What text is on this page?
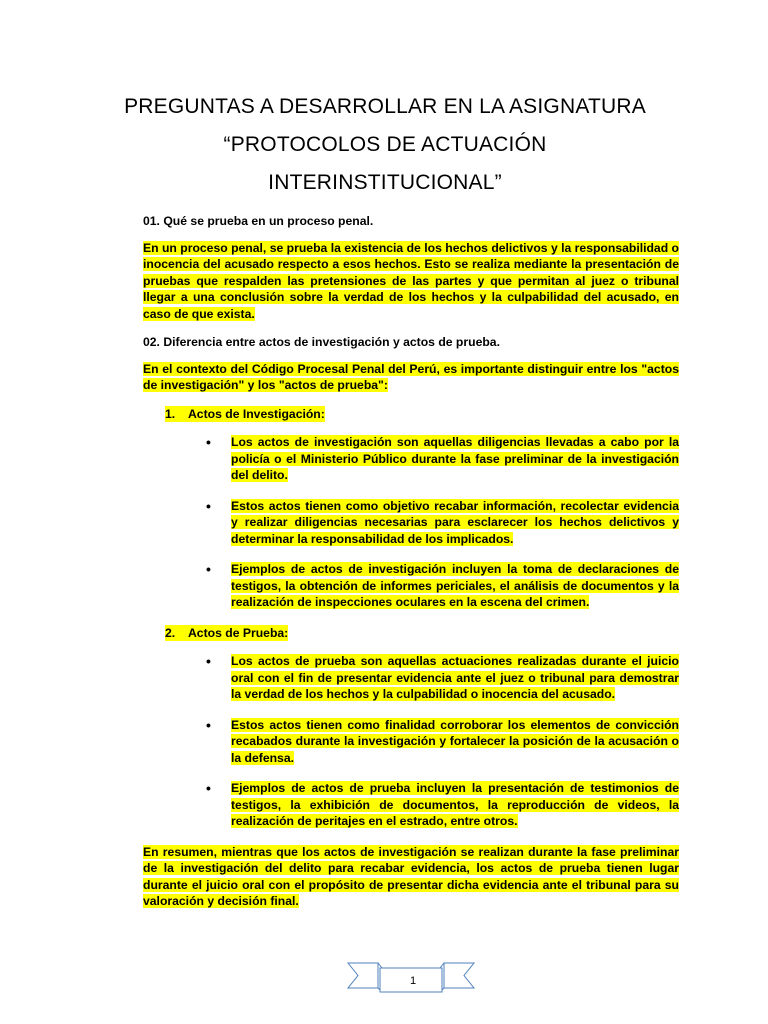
PREGUNTAS A DESARROLLAR EN LA ASIGNATURA
“PROTOCOLOS DE ACTUACIÓN
INTERINSTITUCIONAL”

01. Qué se prueba en un proceso penal.

En un proceso penal, se prueba la existencia de los hechos delictivos y la responsabilidad o inocencia del acusado respecto a esos hechos. Esto se realiza mediante la presentación de pruebas que respalden las pretensiones de las partes y que permitan al juez o tribunal llegar a una conclusión sobre la verdad de los hechos y la culpabilidad del acusado, en caso de que exista.

02. Diferencia entre actos de investigación y actos de prueba.

En el contexto del Código Procesal Penal del Perú, es importante distinguir entre los "actos de investigación" y los "actos de prueba":

1.	Actos de Investigación:
•	Los actos de investigación son aquellas diligencias llevadas a cabo por la policía o el Ministerio Público durante la fase preliminar de la investigación del delito.
•	Estos actos tienen como objetivo recabar información, recolectar evidencia y realizar diligencias necesarias para esclarecer los hechos delictivos y determinar la responsabilidad de los implicados.
•	Ejemplos de actos de investigación incluyen la toma de declaraciones de testigos, la obtención de informes periciales, el análisis de documentos y la realización de inspecciones oculares en la escena del crimen.
2.	Actos de Prueba:
•	Los actos de prueba son aquellas actuaciones realizadas durante el juicio oral con el fin de presentar evidencia ante el juez o tribunal para demostrar la verdad de los hechos y la culpabilidad o inocencia del acusado.
•	Estos actos tienen como finalidad corroborar los elementos de convicción recabados durante la investigación y fortalecer la posición de la acusación o la defensa.
•	Ejemplos de actos de prueba incluyen la presentación de testimonios de testigos, la exhibición de documentos, la reproducción de videos, la realización de peritajes en el estrado, entre otros.

En resumen, mientras que los actos de investigación se realizan durante la fase preliminar de la investigación del delito para recabar evidencia, los actos de prueba tienen lugar durante el juicio oral con el propósito de presentar dicha evidencia ante el tribunal para su valoración y decisión final.
